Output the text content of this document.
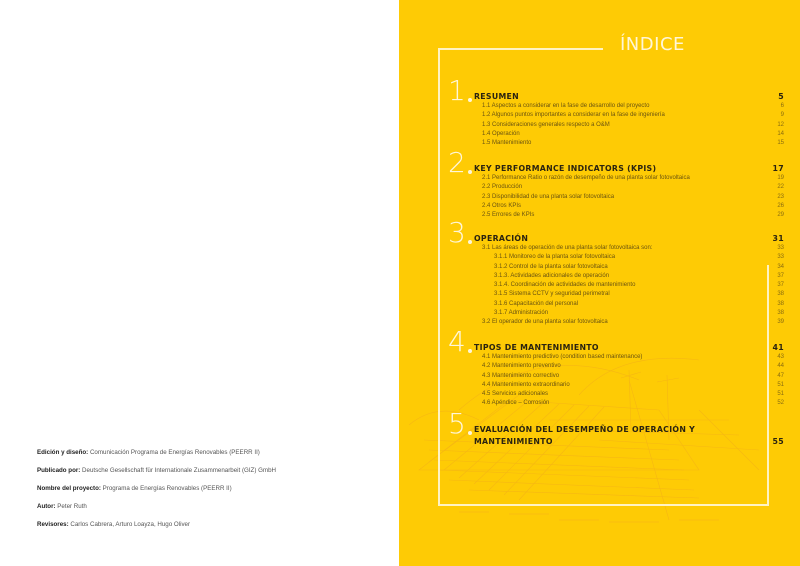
Edición y diseño: Comunicación Programa de Energías Renovables (PEERR II)
Publicado por: Deutsche Gesellschaft für Internationale Zusammenarbeit (GIZ) GmbH
Nombre del proyecto: Programa de Energías Renovables (PEERR II)
Autor: Peter Ruth
Revisores: Carlos Cabrera, Arturo Loayza, Hugo Oliver
ÍNDICE
1 RESUMEN	5
1.1 Aspectos a considerar en la fase de desarrollo del proyecto	6
1.2 Algunos puntos importantes a considerar en la fase de ingeniería	9
1.3 Consideraciones generales respecto a O&M	12
1.4 Operación	14
1.5 Mantenimiento	15
2 KEY PERFORMANCE INDICATORS (KPIS)	17
2.1 Performance Ratio o razón de desempeño de una planta solar fotovoltaica	19
2.2 Producción	22
2.3 Disponibilidad de una planta solar fotovoltaica	23
2.4 Otros KPIs	26
2.5 Errores de KPIs	29
3 OPERACIÓN	31
3.1 Las áreas de operación de una planta solar fotovoltaica son:	33
3.1.1 Monitoreo de la planta solar fotovoltaica	33
3.1.2 Control de la planta solar fotovoltaica	34
3.1.3. Actividades adicionales de operación	37
3.1.4. Coordinación de actividades de mantenimiento	37
3.1.5 Sistema CCTV y seguridad perimetral	38
3.1.6 Capacitación del personal	38
3.1.7 Administración	38
3.2 El operador de una planta solar fotovoltaica	39
4 TIPOS DE MANTENIMIENTO	41
4.1 Mantenimiento predictivo (condition based maintenance)	43
4.2 Mantenimiento preventivo	44
4.3 Mantenimiento correctivo	47
4.4 Mantenimiento extraordinario	51
4.5 Servicios adicionales	51
4.6 Apéndice – Corrosión	52
5 EVALUACIÓN DEL DESEMPEÑO DE OPERACIÓN Y
MANTENIMIENTO	55
